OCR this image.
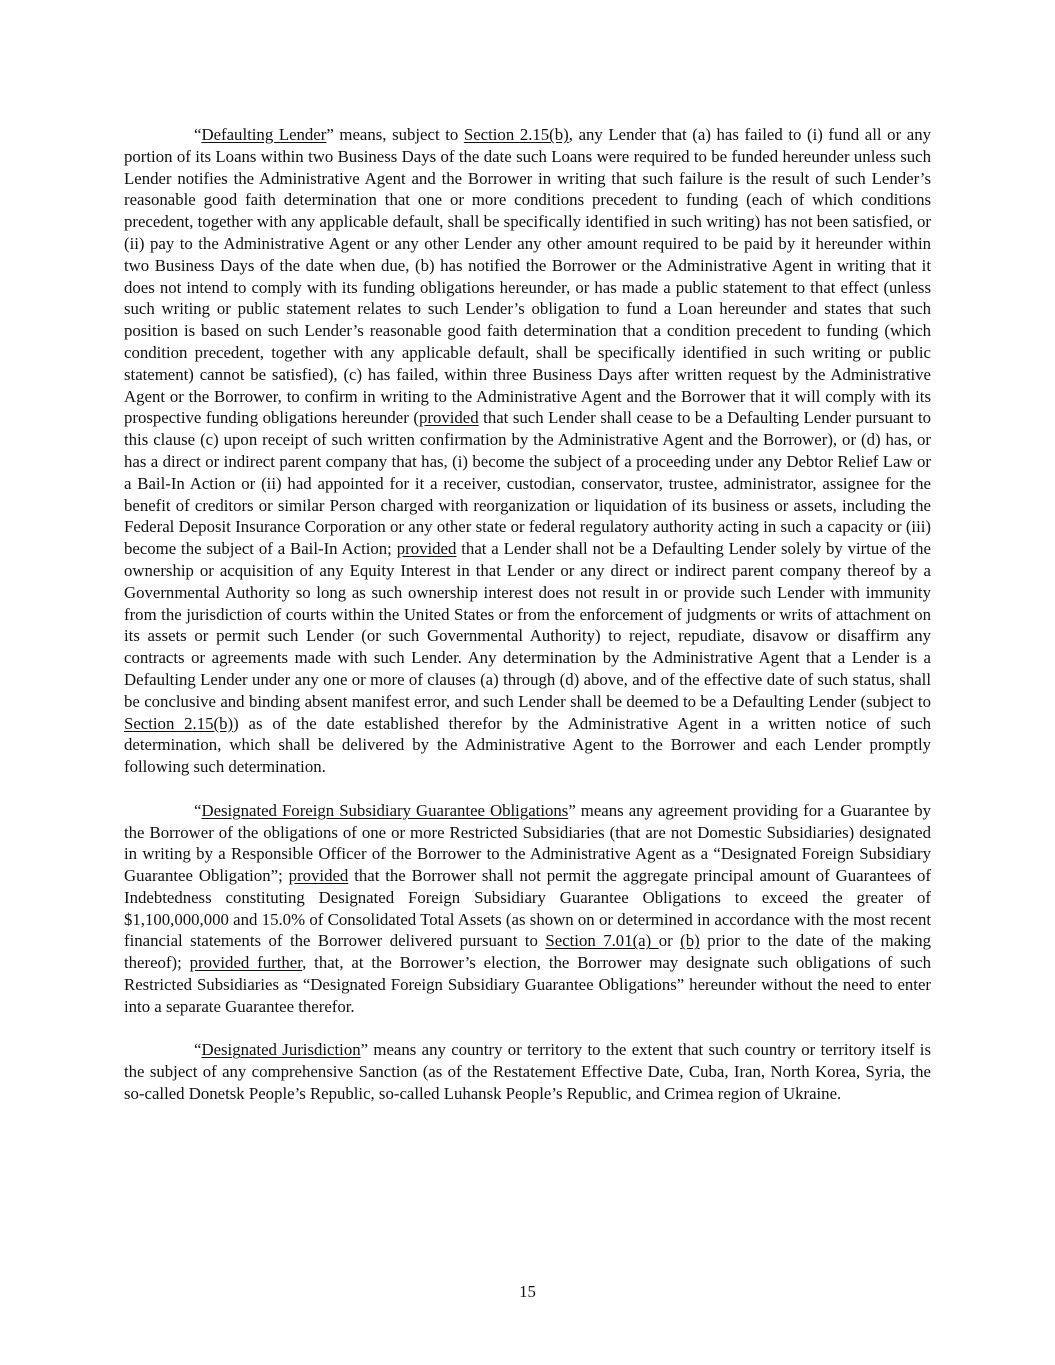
“Defaulting Lender” means, subject to Section 2.15(b), any Lender that (a) has failed to (i) fund all or any portion of its Loans within two Business Days of the date such Loans were required to be funded hereunder unless such Lender notifies the Administrative Agent and the Borrower in writing that such failure is the result of such Lender’s reasonable good faith determination that one or more conditions precedent to funding (each of which conditions precedent, together with any applicable default, shall be specifically identified in such writing) has not been satisfied, or (ii) pay to the Administrative Agent or any other Lender any other amount required to be paid by it hereunder within two Business Days of the date when due, (b) has notified the Borrower or the Administrative Agent in writing that it does not intend to comply with its funding obligations hereunder, or has made a public statement to that effect (unless such writing or public statement relates to such Lender’s obligation to fund a Loan hereunder and states that such position is based on such Lender’s reasonable good faith determination that a condition precedent to funding (which condition precedent, together with any applicable default, shall be specifically identified in such writing or public statement) cannot be satisfied), (c) has failed, within three Business Days after written request by the Administrative Agent or the Borrower, to confirm in writing to the Administrative Agent and the Borrower that it will comply with its prospective funding obligations hereunder (provided that such Lender shall cease to be a Defaulting Lender pursuant to this clause (c) upon receipt of such written confirmation by the Administrative Agent and the Borrower), or (d) has, or has a direct or indirect parent company that has, (i) become the subject of a proceeding under any Debtor Relief Law or a Bail-In Action or (ii) had appointed for it a receiver, custodian, conservator, trustee, administrator, assignee for the benefit of creditors or similar Person charged with reorganization or liquidation of its business or assets, including the Federal Deposit Insurance Corporation or any other state or federal regulatory authority acting in such a capacity or (iii) become the subject of a Bail-In Action; provided that a Lender shall not be a Defaulting Lender solely by virtue of the ownership or acquisition of any Equity Interest in that Lender or any direct or indirect parent company thereof by a Governmental Authority so long as such ownership interest does not result in or provide such Lender with immunity from the jurisdiction of courts within the United States or from the enforcement of judgments or writs of attachment on its assets or permit such Lender (or such Governmental Authority) to reject, repudiate, disavow or disaffirm any contracts or agreements made with such Lender. Any determination by the Administrative Agent that a Lender is a Defaulting Lender under any one or more of clauses (a) through (d) above, and of the effective date of such status, shall be conclusive and binding absent manifest error, and such Lender shall be deemed to be a Defaulting Lender (subject to Section 2.15(b)) as of the date established therefor by the Administrative Agent in a written notice of such determination, which shall be delivered by the Administrative Agent to the Borrower and each Lender promptly following such determination.

“Designated Foreign Subsidiary Guarantee Obligations” means any agreement providing for a Guarantee by the Borrower of the obligations of one or more Restricted Subsidiaries (that are not Domestic Subsidiaries) designated in writing by a Responsible Officer of the Borrower to the Administrative Agent as a “Designated Foreign Subsidiary Guarantee Obligation”; provided that the Borrower shall not permit the aggregate principal amount of Guarantees of Indebtedness constituting Designated Foreign Subsidiary Guarantee Obligations to exceed the greater of $1,100,000,000 and 15.0% of Consolidated Total Assets (as shown on or determined in accordance with the most recent financial statements of the Borrower delivered pursuant to Section 7.01(a) or (b) prior to the date of the making thereof); provided further, that, at the Borrower’s election, the Borrower may designate such obligations of such Restricted Subsidiaries as “Designated Foreign Subsidiary Guarantee Obligations” hereunder without the need to enter into a separate Guarantee therefor.

“Designated Jurisdiction” means any country or territory to the extent that such country or territory itself is the subject of any comprehensive Sanction (as of the Restatement Effective Date, Cuba, Iran, North Korea, Syria, the so-called Donetsk People’s Republic, so-called Luhansk People’s Republic, and Crimea region of Ukraine.

15
